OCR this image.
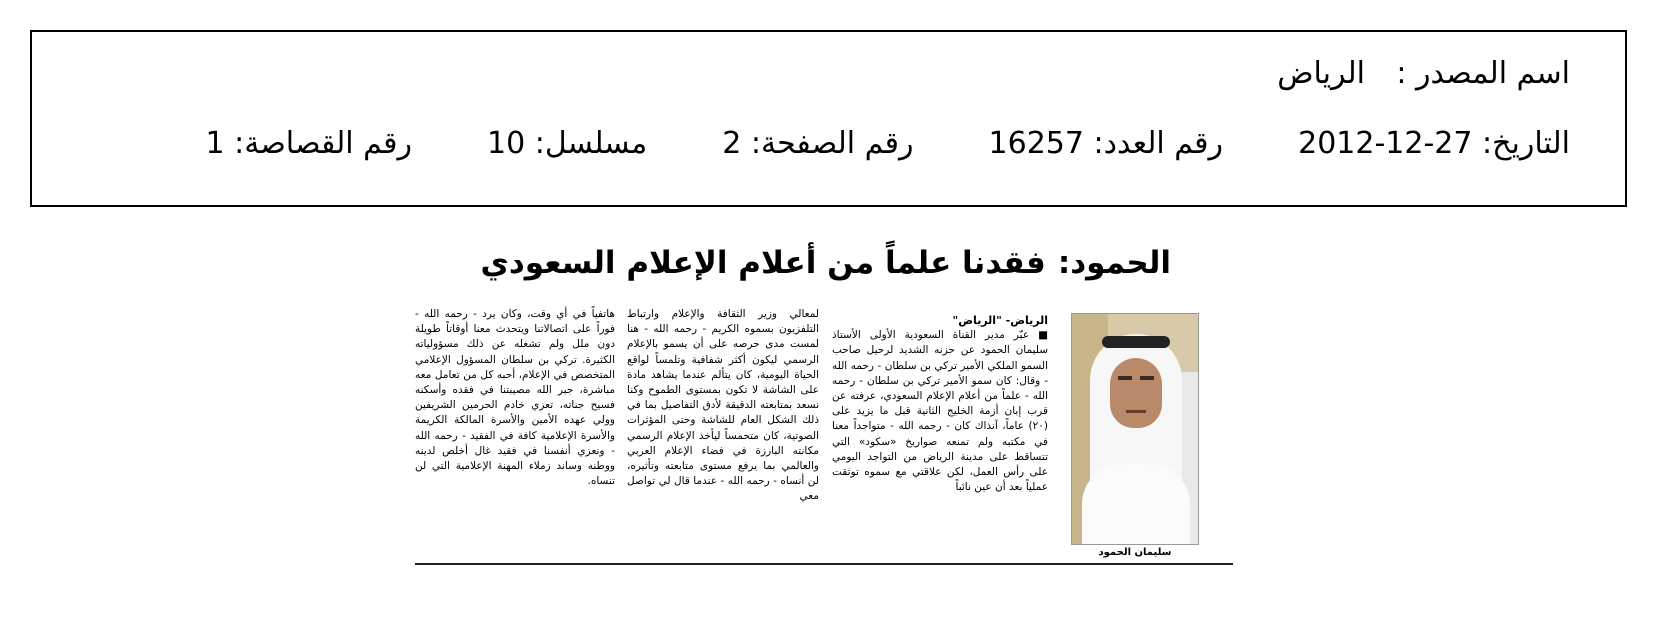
اسم المصدر :الرياض
التاريخ: 2012-12-27  رقم العدد: 16257  رقم الصفحة: 2  مسلسل: 10  رقم القصاصة: 1
الحمود:فقدنا علماً من أعلام الإعلام السعودي
سليمان الحمود
الرياض- "الرياض"
■ عبّر مدير القناة السعودية الأولى الأستاذ سليمان الحمود عن حزنه الشديد لرحيل صاحب السمو الملكي الأمير تركي بن سلطان - رحمه الله - وقال: كان سمو الأمير تركي بن سلطان - رحمه الله - علماً من أعلام الإعلام السعودي، عرفته عن قرب إبان أزمة الخليج الثانية قبل ما يزيد على (٢٠) عاماً، آنذاك كان - رحمه الله - متواجداً معنا في مكتبه ولم تمنعه صواريخ «سكود» التي تتساقط على مدينة الرياض من التواجد اليومي على رأس العمل، لكن علاقتي مع سموه توثقت عملياً بعد أن عين نائباً
لمعالي وزير الثقافة والإعلام وارتباط التلفزيون بسموه الكريم - رحمه الله - هنا لمست مدى حرصه على أن يسمو بالإعلام الرسمي ليكون أكثر شفافية وتلمساً لواقع الحياة اليومية، كان يتألم عندما يشاهد مادة على الشاشة لا تكون بمستوى الطموح وكنا نسعد بمتابعته الدقيقة لأدق التفاصيل بما في ذلك الشكل العام للشاشة وحتى المؤثرات الصوتية، كان متحمساً ليأخذ الإعلام الرسمي مكانته البارزة في فضاء الإعلام العربي والعالمي بما يرفع مستوى متابعته وتأثيره، لن أنساه - رحمه الله - عندما قال لي تواصل معي
هاتفياً في أي وقت، وكان يرد - رحمه الله - فوراً على اتصالاتنا ويتحدث معنا أوقاتاً طويلة دون ملل ولم تشغله عن ذلك مسؤولياته الكثيرة. تركي بن سلطان المسؤول الإعلامي المتخصص في الإعلام، أحبه كل من تعامل معه مباشرة، جبر الله مصيبتنا في فقده وأسكنه فسيح جناته، تعزي خادم الحرمين الشريفين وولي عهده الأمين والأسرة المالكة الكريمة والأسرة الإعلامية كافة في الفقيد - رحمه الله - ونعزي أنفسنا في فقيد غال أخلص لدينه ووطنه وساند زملاء المهنة الإعلامية التي لن تنساه.
